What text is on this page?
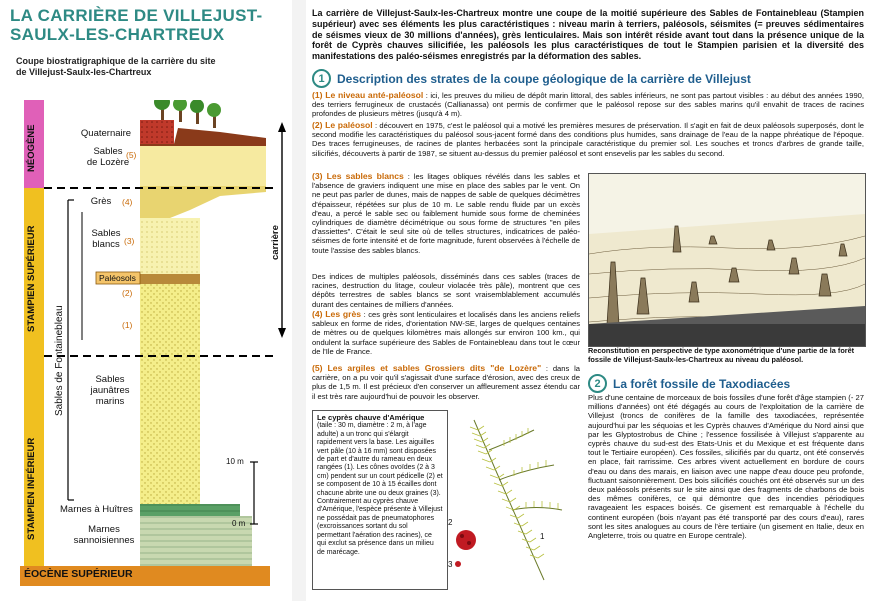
LA CARRIÈRE DE VILLEJUST-
SAULX-LES-CHARTREUX
Coupe biostratigraphique de la carrière du site
de Villejust-Saulx-les-Chartreux
NÉOGÈNE
STAMPIEN SUPÉRIEUR
STAMPIEN INFÉRIEUR
ÉOCÈNE SUPÉRIEUR
Sables de Fontainebleau
carrière
Quaternaire
Sables
de Lozère
(5)
Grès	(4)
Sables
blancs (3)
Paléosols
(2)
(1)
Sables
jaunâtres
marins
Marnes à Huîtres
Marnes
sannoisiennes
10 m
0 m
La carrière de Villejust-Saulx-les-Chartreux montre une coupe de la moitié supérieure des Sables de Fontainebleau (Stampien supérieur) avec ses éléments les plus caractéristiques : niveau marin à terriers, paléosols, séismites (= preuves sédimentaires de séismes vieux de 30 millions d'années), grès lenticulaires. Mais son intérêt réside avant tout dans la présence unique de la forêt de Cyprès chauves silicifiée, les paléosols les plus caractéristiques de tout le Stampien parisien et la diversité des manifestations des paléo-séismes enregistrés par la déformation des sables.
1	Description des strates de la coupe géologique de la carrière de Villejust
(1) Le niveau anté-paléosol : ici, les preuves du milieu de dépôt marin littoral, des sables inférieurs, ne sont pas partout visibles : au début des années 1990, des terriers ferrugineux de crustacés (Callianassa) ont permis de confirmer que le paléosol repose sur des sables marins qu'il envahit de traces de racines profondes de plusieurs mètres (jusqu'à 4 m).
(2) Le paléosol : découvert en 1975, c'est le paléosol qui a motivé les premières mesures de préservation. Il s'agit en fait de deux paléosols superposés, dont le second modifie les caractéristiques du paléosol sous-jacent formé dans des conditions plus humides, sans drainage de l'eau de la nappe phréatique de l'époque. Des traces ferrugineuses, de racines de plantes herbacées sont la principale caractéristique du premier sol. Les souches et troncs d'arbres de grande taille, silicifiés, découverts à partir de 1987, se situent au-dessus du premier paléosol et sont ensevelis par les sables du second.
(3) Les sables blancs : les litages obliques révélés dans les sables et l'absence de graviers indiquent une mise en place des sables par le vent. On ne peut pas parler de dunes, mais de nappes de sable de quelques décimètres d'épaisseur, répétées sur plus de 10 m. Le sable rendu fluide par un excès d'eau, a percé le sable sec ou faiblement humide sous forme de cheminées cylindriques de diamètre décimétrique ou sous forme de structures "en piles d'assiettes". C'était le seul site où de telles structures, indicatrices de paléo-séismes de forte intensité et de forte magnitude, furent observées à l'échelle de toute l'assise des sables blancs.
Des indices de multiples paléosols, disséminés dans ces sables (traces de racines, destruction du litage, couleur violacée très pâle), montrent que ces dépôts terrestres de sables blancs se sont vraisemblablement accumulés durant des centaines de milliers d'années.
(4) Les grès : ces grès sont lenticulaires et localisés dans les anciens reliefs sableux en forme de rides, d'orientation NW-SE, larges de quelques centaines de mètres ou de quelques kilomètres mais allongés sur environ 100 km., qui ondulent la surface supérieure des Sables de Fontainebleau dans tout le cœur de l'Ile de France.
(5) Les argiles et sables Grossiers dits "de Lozère" : dans la carrière, on a pu voir qu'il s'agissait d'une surface d'érosion, avec des creux de plus de 1,5 m. Il est précieux d'en conserver un affleurement assez étendu car il est très rare aujourd'hui de pouvoir les observer.
Reconstitution en perspective de type axonométrique d'une partie de la forêt fossile de Villejust-Saulx-les-Chartreux au niveau du paléosol.
Le cyprès chauve d'Amérique
(taile : 30 m, diamètre : 2 m, à l'age adulte) a un tronc qui s'élargit rapidement vers la base. Les aiguilles vert pâle (10 à 16 mm) sont disposées de part et d'autre du rameau en deux rangées (1). Les cônes ovoïdes (2 à 3 cm) pendent sur un court pédicelle (2) et se composent de 10 à 15 écailles dont chacune abrite une ou deux graines (3). Contrairement au cyprès chauve d'Amérique, l'espèce présente à Villejust ne possédait pas de pneumatophores (excroissances sortant du sol permettant l'aération des racines), ce qui exclut sa présence dans un milieu de marécage.
1
2
3
2	La forêt fossile de Taxodiacées
Plus d'une centaine de morceaux de bois fossiles d'une forêt d'âge stampien (- 27 millions d'années) ont été dégagés au cours de l'exploitation de la carrière de Villejust (troncs de conifères de la famille des taxodiacées, représentée aujourd'hui par les séquoias et les Cyprès chauves d'Amérique du Nord ainsi que par les Glyptostrobus de Chine ; l'essence fossilisée à Villejust s'apparente au cyprès chauve du sud-est des Etats-Unis et du Mexique et est fréquente dans tout le Tertiaire européen). Ces fossiles, silicifiés par du quartz, ont été conservés en place, fait rarrissime. Ces arbres vivent actuellement en bordure de cours d'eau ou dans des marais, en liaison avec une nappe d'eau douce peu profonde, fluctuant saisonnièrement. Des bois silicifiés couchés ont été observés sur un des deux paléosols présents sur le site ainsi que des fragments de charbons de bois des mêmes conifères, ce qui démontre que des incendies périodiques ravageaient les espaces boisés. Ce gisement est remarquable à l'échelle du continent européen (bois n'ayant pas été transporté par des cours d'eau), rares sont les sites analogues au cours de l'ère tertiaire (un gisement en Italie, deux en Angleterre, trois ou quatre en Europe centrale).
